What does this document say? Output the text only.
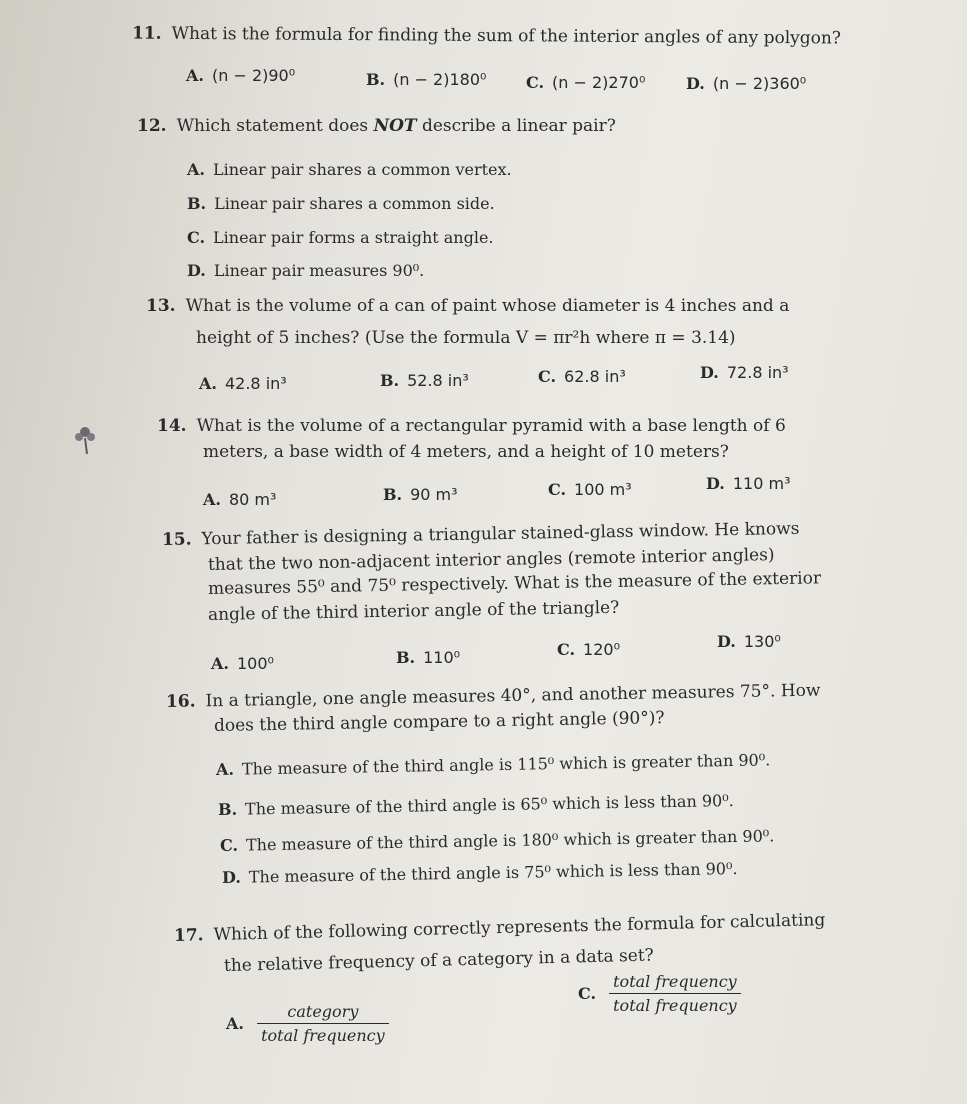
11. What is the formula for finding the sum of the interior angles of any polygon?
A. (n − 2)90⁰	B. (n − 2)180⁰ C. (n − 2)270⁰	D. (n − 2)360⁰
12. Which statement does NOT describe a linear pair?
A. Linear pair shares a common vertex.
B. Linear pair shares a common side.
C. Linear pair forms a straight angle.
D. Linear pair measures 90⁰.
13. What is the volume of a can of paint whose diameter is 4 inches and a
height of 5 inches? (Use the formula V = πr²h where π = 3.14)
A. 42.8 in³	B. 52.8 in³	C. 62.8 in³	D. 72.8 in³
14. What is the volume of a rectangular pyramid with a base length of 6
meters, a base width of 4 meters, and a height of 10 meters?
A. 80 m³	B. 90 m³	C. 100 m³	D. 110 m³
15. Your father is designing a triangular stained-glass window. He knows
that the two non-adjacent interior angles (remote interior angles)
measures 55⁰ and 75⁰ respectively. What is the measure of the exterior
angle of the third interior angle of the triangle?
A. 100⁰	B. 110⁰	C. 120⁰	D. 130⁰
16. In a triangle, one angle measures 40°, and another measures 75°. How
does the third angle compare to a right angle (90°)?
A. The measure of the third angle is 115⁰ which is greater than 90⁰.
B. The measure of the third angle is 65⁰ which is less than 90⁰.
C. The measure of the third angle is 180⁰ which is greater than 90⁰.
D. The measure of the third angle is 75⁰ which is less than 90⁰.
17. Which of the following correctly represents the formula for calculating
the relative frequency of a category in a data set?
A. $\frac{\text{category}}{\text{total frequency}}$
C. $\frac{\text{total frequency}}{\text{total frequency}}$
